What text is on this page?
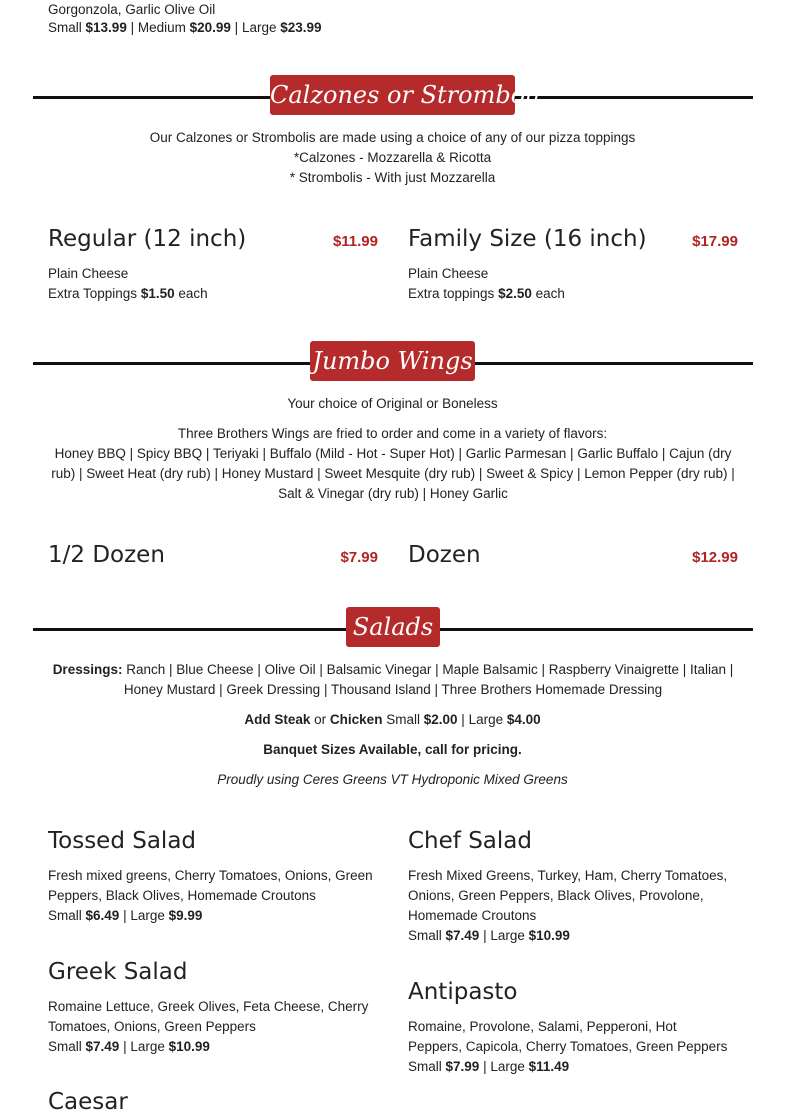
Gorgonzola, Garlic Olive Oil
Small $13.99 | Medium $20.99 | Large $23.99
Calzones or Stromboli
Our Calzones or Strombolis are made using a choice of any of our pizza toppings
*Calzones - Mozzarella & Ricotta
* Strombolis - With just Mozzarella
Regular (12 inch)	$11.99
Plain Cheese
Extra Toppings $1.50 each
Family Size (16 inch)	$17.99
Plain Cheese
Extra toppings $2.50 each
Jumbo Wings
Your choice of Original or Boneless
Three Brothers Wings are fried to order and come in a variety of flavors:
Honey BBQ | Spicy BBQ | Teriyaki | Buffalo (Mild - Hot - Super Hot) | Garlic Parmesan | Garlic Buffalo | Cajun (dry rub) | Sweet Heat (dry rub) | Honey Mustard | Sweet Mesquite (dry rub) | Sweet & Spicy | Lemon Pepper (dry rub) | Salt & Vinegar (dry rub) | Honey Garlic
1/2 Dozen	$7.99 Dozen	$12.99
Salads
Dressings: Ranch | Blue Cheese | Olive Oil | Balsamic Vinegar | Maple Balsamic | Raspberry Vinaigrette | Italian | Honey Mustard | Greek Dressing | Thousand Island | Three Brothers Homemade Dressing
Add Steak or Chicken Small $2.00 | Large $4.00
Banquet Sizes Available, call for pricing.
Proudly using Ceres Greens VT Hydroponic Mixed Greens
Tossed Salad
Fresh mixed greens, Cherry Tomatoes, Onions, Green Peppers, Black Olives, Homemade Croutons
Small $6.49 | Large $9.99
Chef Salad
Fresh Mixed Greens, Turkey, Ham, Cherry Tomatoes, Onions, Green Peppers, Black Olives, Provolone, Homemade Croutons
Small $7.49 | Large $10.99
Greek Salad
Romaine Lettuce, Greek Olives, Feta Cheese, Cherry Tomatoes, Onions, Green Peppers
Small $7.49 | Large $10.99
Antipasto
Romaine, Provolone, Salami, Pepperoni, Hot Peppers, Capicola, Cherry Tomatoes, Green Peppers
Small $7.99 | Large $11.49
Caesar
